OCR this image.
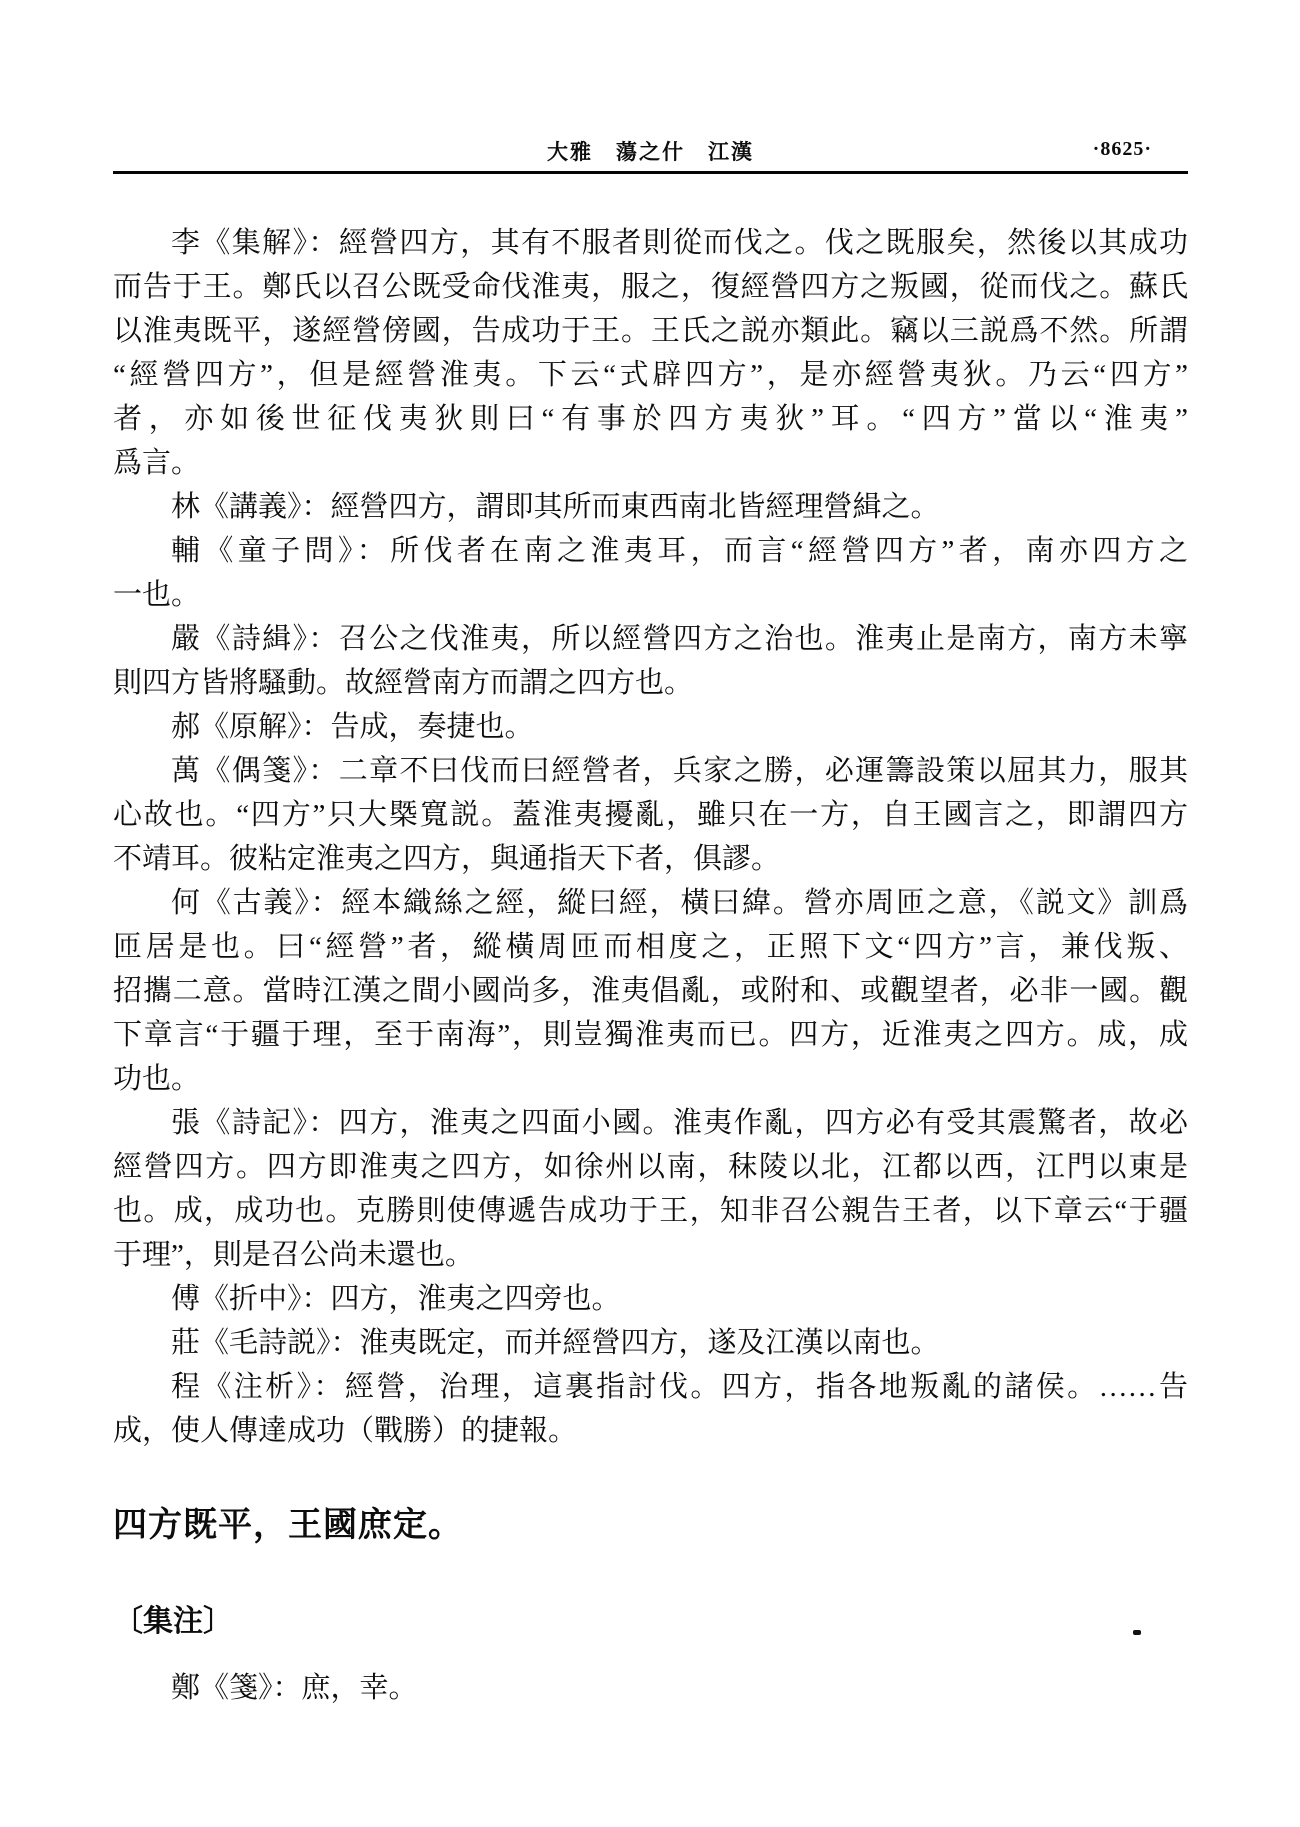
大雅　蕩之什　江漢	·8625·
李《集解》：經營四方，其有不服者則從而伐之。伐之既服矣，然後以其成功
而告于王。鄭氏以召公既受命伐淮夷，服之，復經營四方之叛國，從而伐之。蘇氏
以淮夷既平，遂經營傍國，告成功于王。王氏之説亦類此。竊以三説爲不然。所謂
“經營四方”，但是經營淮夷。下云“式辟四方”，是亦經營夷狄。乃云“四方”
者，亦如後世征伐夷狄則曰“有事於四方夷狄”耳。“四方”當以“淮夷”
爲言。
林《講義》：經營四方，謂即其所而東西南北皆經理營緝之。
輔《童子問》：所伐者在南之淮夷耳，而言“經營四方”者，南亦四方之
一也。
嚴《詩緝》：召公之伐淮夷，所以經營四方之治也。淮夷止是南方，南方未寧
則四方皆將騷動。故經營南方而謂之四方也。
郝《原解》：告成，奏捷也。
萬《偶箋》：二章不曰伐而曰經營者，兵家之勝，必運籌設策以屈其力，服其
心故也。“四方”只大槩寬説。蓋淮夷擾亂，雖只在一方，自王國言之，即謂四方
不靖耳。彼粘定淮夷之四方，與通指天下者，俱謬。
何《古義》：經本織絲之經，縱曰經，橫曰緯。營亦周匝之意，《説文》訓爲
匝居是也。曰“經營”者，縱橫周匝而相度之，正照下文“四方”言，兼伐叛、
招攜二意。當時江漢之間小國尚多，淮夷倡亂，或附和、或觀望者，必非一國。觀
下章言“于疆于理，至于南海”，則豈獨淮夷而已。四方，近淮夷之四方。成，成
功也。
張《詩記》：四方，淮夷之四面小國。淮夷作亂，四方必有受其震驚者，故必
經營四方。四方即淮夷之四方，如徐州以南，秣陵以北，江都以西，江門以東是
也。成，成功也。克勝則使傳遞告成功于王，知非召公親告王者，以下章云“于疆
于理”，則是召公尚未還也。
傅《折中》：四方，淮夷之四旁也。
莊《毛詩説》：淮夷既定，而并經營四方，遂及江漢以南也。
程《注析》：經營，治理，這裏指討伐。四方，指各地叛亂的諸侯。……告
成，使人傳達成功（戰勝）的捷報。
四方既平，王國庶定。
〔集注〕
鄭《箋》：庶，幸。
